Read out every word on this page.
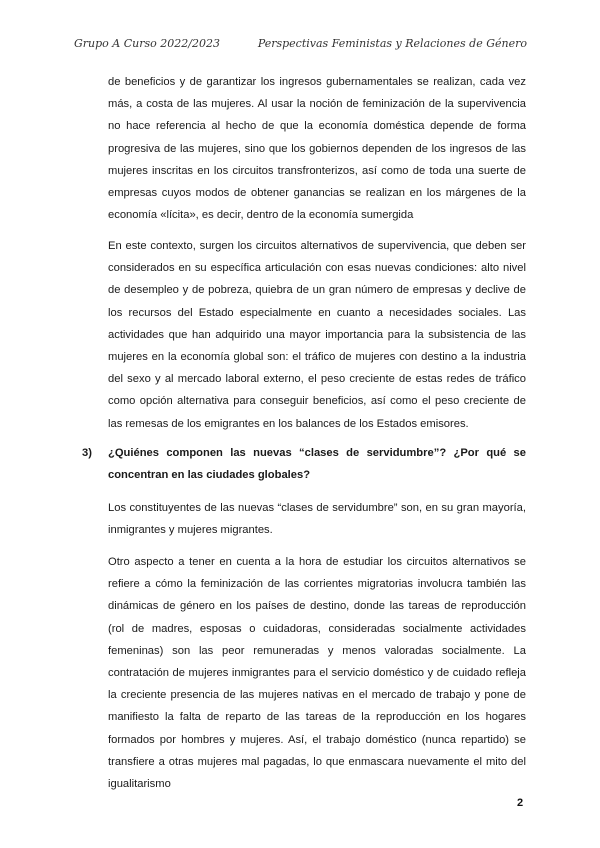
Grupo A Curso 2022/2023	Perspectivas Feministas y Relaciones de Género
de beneficios y de garantizar los ingresos gubernamentales se realizan, cada vez más, a costa de las mujeres. Al usar la noción de feminización de la supervivencia no hace referencia al hecho de que la economía doméstica depende de forma progresiva de las mujeres, sino que los gobiernos dependen de los ingresos de las mujeres inscritas en los circuitos transfronterizos, así como de toda una suerte de empresas cuyos modos de obtener ganancias se realizan en los márgenes de la economía «lícita», es decir, dentro de la economía sumergida
En este contexto, surgen los circuitos alternativos de supervivencia, que deben ser considerados en su específica articulación con esas nuevas condiciones: alto nivel de desempleo y de pobreza, quiebra de un gran número de empresas y declive de los recursos del Estado especialmente en cuanto a necesidades sociales. Las actividades que han adquirido una mayor importancia para la subsistencia de las mujeres en la economía global son: el tráfico de mujeres con destino a la industria del sexo y al mercado laboral externo, el peso creciente de estas redes de tráfico como opción alternativa para conseguir beneficios, así como el peso creciente de las remesas de los emigrantes en los balances de los Estados emisores.
3) ¿Quiénes componen las nuevas “clases de servidumbre”? ¿Por qué se concentran en las ciudades globales?
Los constituyentes de las nuevas “clases de servidumbre” son, en su gran mayoría, inmigrantes y mujeres migrantes.
Otro aspecto a tener en cuenta a la hora de estudiar los circuitos alternativos se refiere a cómo la feminización de las corrientes migratorias involucra también las dinámicas de género en los países de destino, donde las tareas de reproducción (rol de madres, esposas o cuidadoras, consideradas socialmente actividades femeninas) son las peor remuneradas y menos valoradas socialmente. La contratación de mujeres inmigrantes para el servicio doméstico y de cuidado refleja la creciente presencia de las mujeres nativas en el mercado de trabajo y pone de manifiesto la falta de reparto de las tareas de la reproducción en los hogares formados por hombres y mujeres. Así, el trabajo doméstico (nunca repartido) se transfiere a otras mujeres mal pagadas, lo que enmascara nuevamente el mito del igualitarismo
2
